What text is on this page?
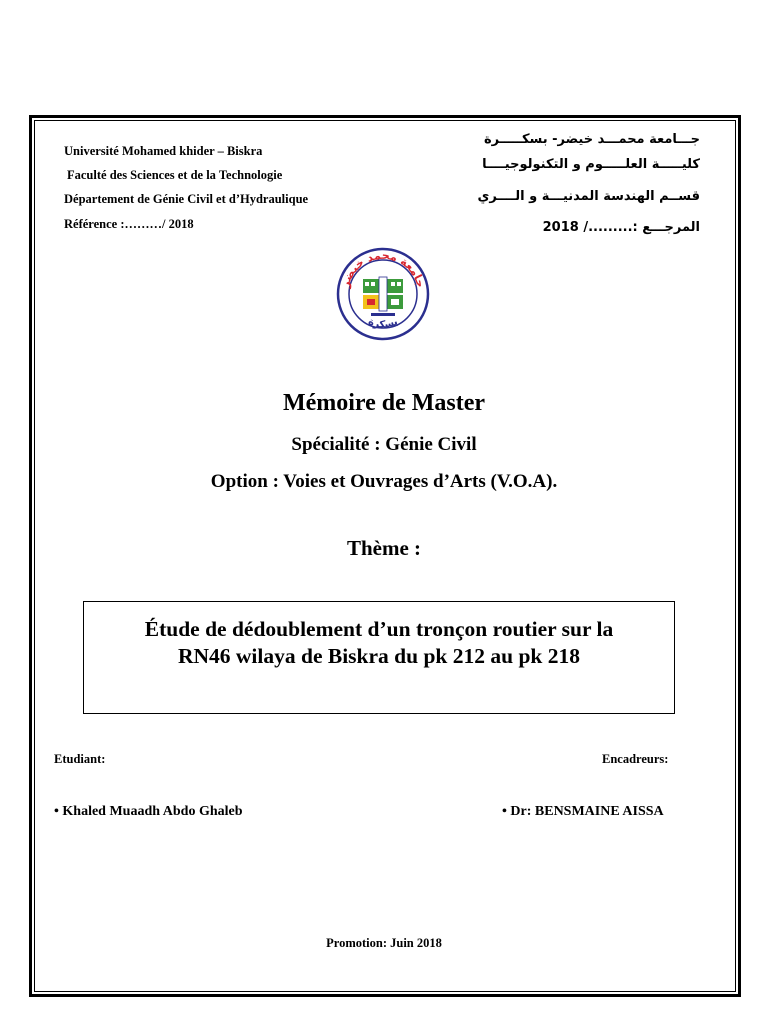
Université Mohamed khider – Biskra
Faculté des Sciences et de la Technologie
Département de Génie Civil et d’Hydraulique
Référence :………/ 2018
جـــامعة محمـــد خيضر- بسكـــــرة
كليـــــة العلـــــوم و التكنولوجيــــا
قســم الهندسة المدنيـــة و الــــري
المرجـــع :........./ 2018
جامعة محمد خيضر
بسكرة
Mémoire de Master
Spécialité : Génie Civil
Option : Voies et Ouvrages d’Arts (V.O.A).
Thème :
Étude de dédoublement d’un tronçon routier sur la
RN46 wilaya de Biskra du pk 212 au pk 218
Etudiant:	Encadreurs:
• Khaled Muaadh Abdo Ghaleb	• Dr: BENSMAINE AISSA
Promotion: Juin 2018
